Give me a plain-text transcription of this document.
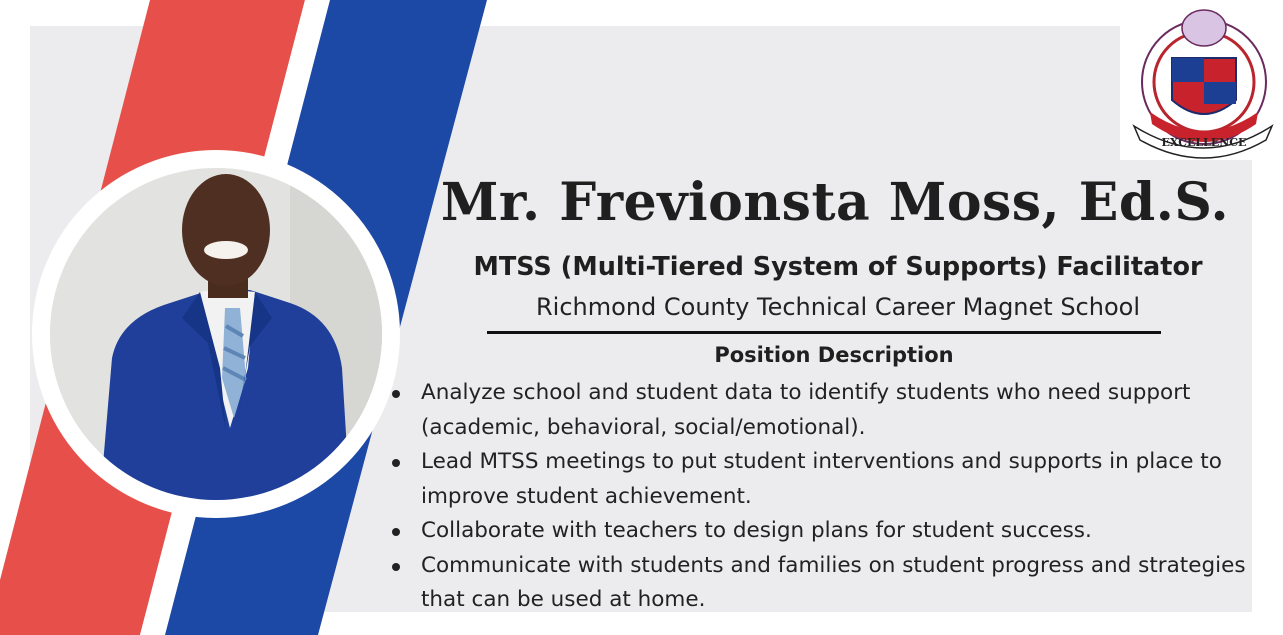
RCTCM
EXCELLENCE
Mr. Frevionsta Moss, Ed.S.
MTSS (Multi-Tiered System of Supports) Facilitator
Richmond County Technical Career Magnet School
Position Description
Analyze school and student data to identify students who need support (academic, behavioral, social/emotional).
Lead MTSS meetings to put student interventions and supports in place to improve student achievement.
Collaborate with teachers to design plans for student success.
Communicate with students and families on student progress and strategies that can be used at home.
